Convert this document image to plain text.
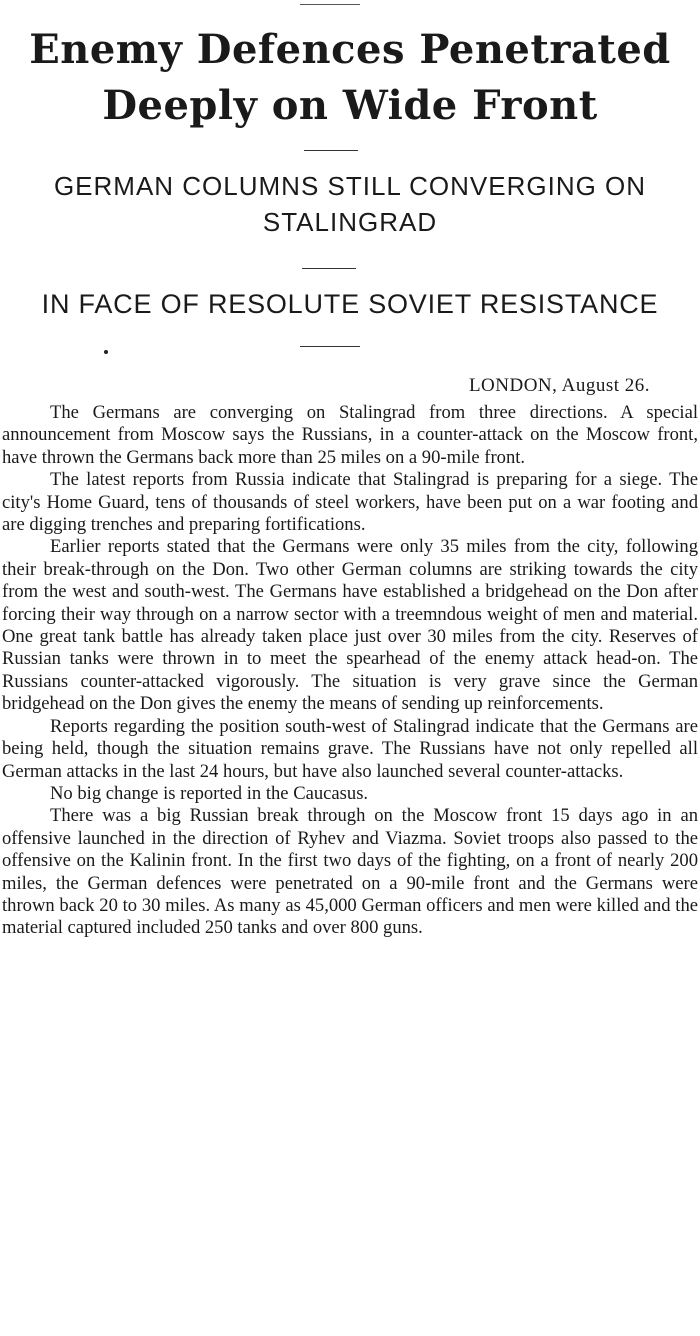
Enemy Defences Penetrated Deeply on Wide Front
GERMAN COLUMNS STILL CONVERGING ON STALINGRAD
IN FACE OF RESOLUTE SOVIET RESISTANCE
LONDON, August 26.

The Germans are converging on Stalingrad from three directions. A special announcement from Moscow says the Russians, in a counter-attack on the Moscow front, have thrown the Germans back more than 25 miles on a 90-mile front.

The latest reports from Russia indicate that Stalingrad is preparing for a siege. The city's Home Guard, tens of thousands of steel workers, have been put on a war footing and are digging trenches and preparing fortifications.

Earlier reports stated that the Germans were only 35 miles from the city, following their break-through on the Don. Two other German columns are striking towards the city from the west and south-west. The Germans have established a bridgehead on the Don after forcing their way through on a narrow sector with a treemndous weight of men and material. One great tank battle has already taken place just over 30 miles from the city. Reserves of Russian tanks were thrown in to meet the spearhead of the enemy attack head-on. The Russians counter-attacked vigorously. The situation is very grave since the German bridgehead on the Don gives the enemy the means of sending up reinforcements.

Reports regarding the position south-west of Stalingrad indicate that the Germans are being held, though the situation remains grave. The Russians have not only repelled all German attacks in the last 24 hours, but have also launched several counter-attacks.

No big change is reported in the Caucasus.

There was a big Russian break through on the Moscow front 15 days ago in an offensive launched in the direction of Ryhev and Viazma. Soviet troops also passed to the offensive on the Kalinin front. In the first two days of the fighting, on a front of nearly 200 miles, the German defences were penetrated on a 90-mile front and the Germans were thrown back 20 to 30 miles. As many as 45,000 German officers and men were killed and the material captured included 250 tanks and over 800 guns.
